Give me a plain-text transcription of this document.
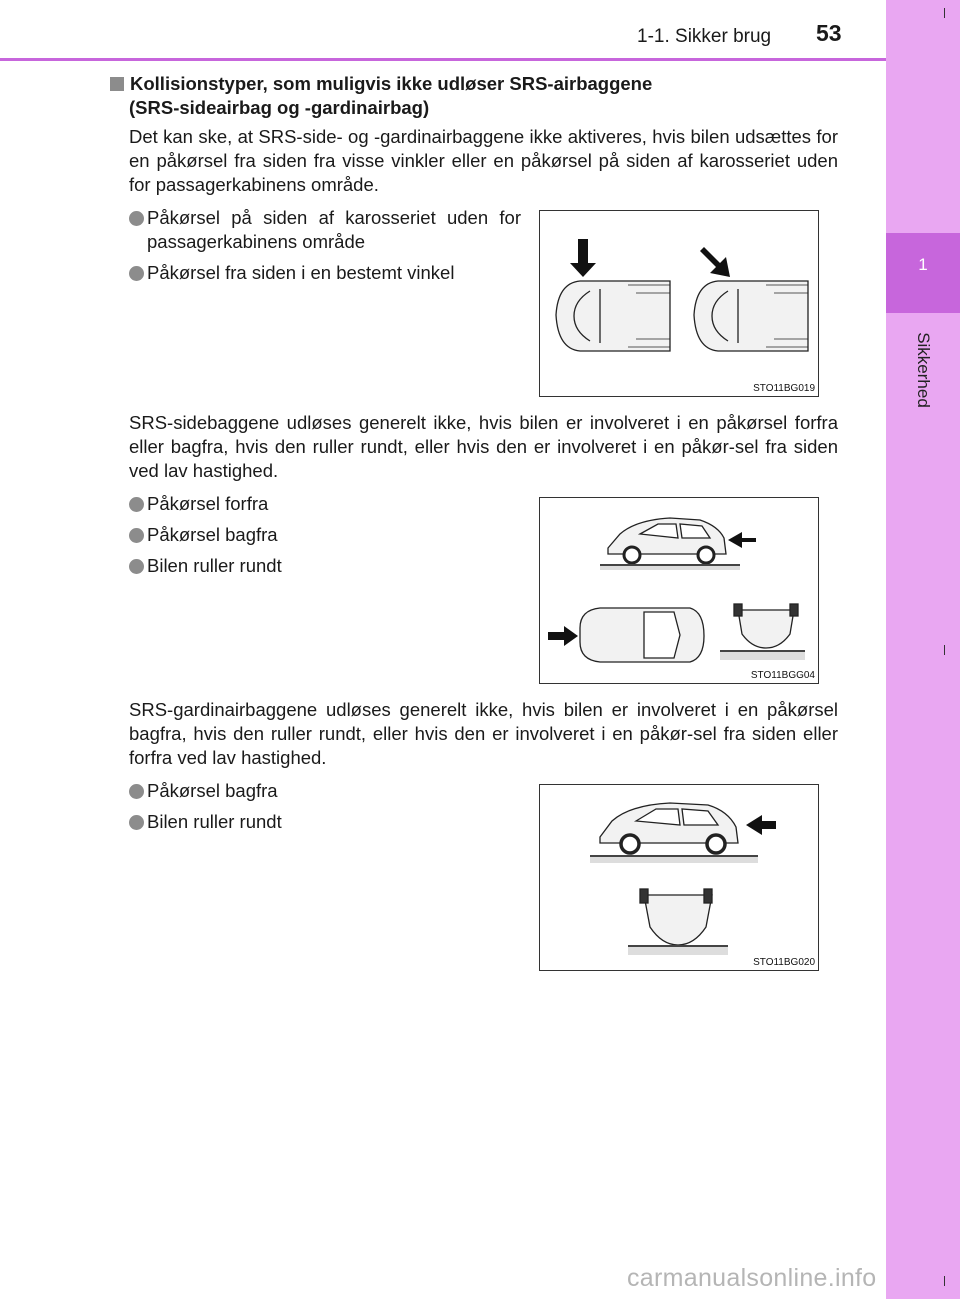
1
Sikkerhed
1-1. Sikker brug 53
Kollisionstyper, som muligvis ikke udløser SRS-airbaggene
(SRS-sideairbag og -gardinairbag)
Det kan ske, at SRS-side- og -gardinairbaggene ikke aktiveres, hvis bilen udsættes for en påkørsel fra siden fra visse vinkler eller en påkørsel på siden af karosseriet uden for passagerkabinens område.
Påkørsel på siden af karosseriet uden for passagerkabinens område
Påkørsel fra siden i en bestemt vinkel
STO11BG019
SRS-sidebaggene udløses generelt ikke, hvis bilen er involveret i en påkørsel forfra eller bagfra, hvis den ruller rundt, eller hvis den er involveret i en påkør-sel fra siden ved lav hastighed.
Påkørsel forfra
Påkørsel bagfra
Bilen ruller rundt
STO11BGG04
SRS-gardinairbaggene udløses generelt ikke, hvis bilen er involveret i en påkørsel bagfra, hvis den ruller rundt, eller hvis den er involveret i en påkør-sel fra siden eller forfra ved lav hastighed.
Påkørsel bagfra
Bilen ruller rundt
STO11BG020
carmanualsonline.info
